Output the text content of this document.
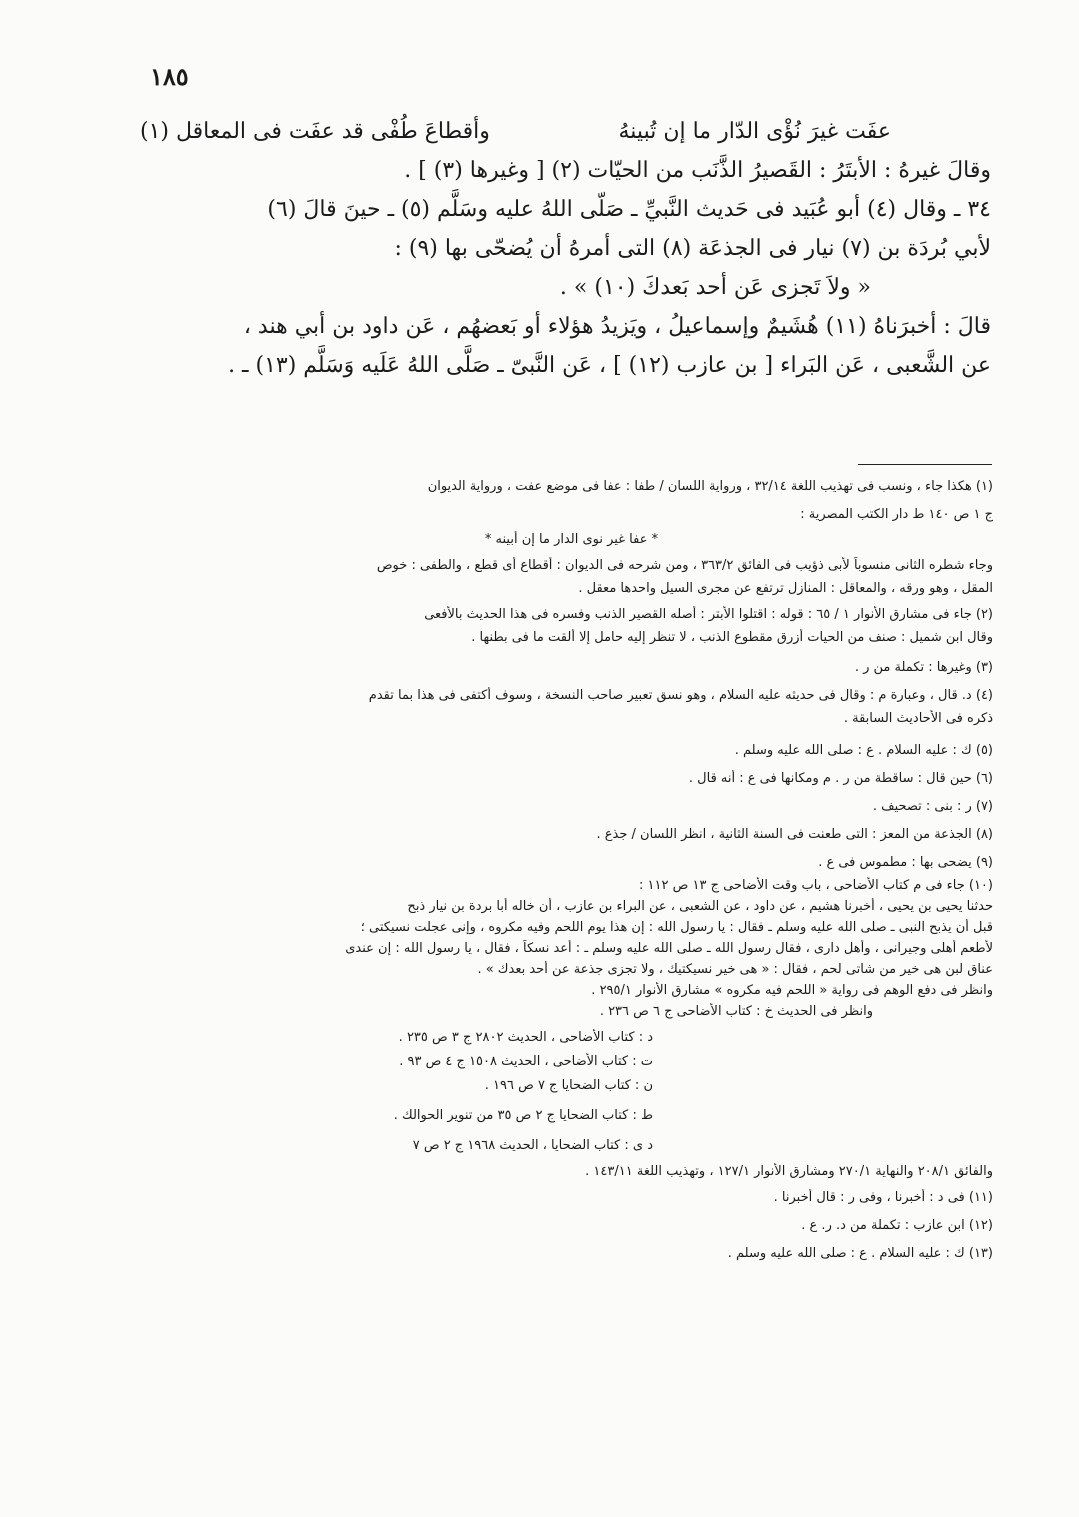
١٨٥
عفَت غيرَ نُؤْى الدّار ما إن تُبينهُ
وأقطاعَ طُفْى قد عفَت فى المعاقل (١)
وقالَ غيرهُ : الأبتَرُ : القَصيرُ الذَّنَب من الحيّات (٢) [ وغيرها (٣) ] .
٣٤ ـ وقال (٤) أبو عُبَيد فى حَديث النَّبيِّ ـ صَلّى اللهُ عليه وسَلَّم (٥) ـ حينَ قالَ (٦)
لأبي بُردَة بن (٧) نيار فى الجذعَة (٨) التى أمرهُ أن يُضحّى بها (٩) :
« ولاَ تَجزى عَن أحد بَعدكَ (١٠) » .
قالَ : أخبرَناهُ (١١) هُشَيمٌ وإسماعيلُ ، ويَزيدُ هؤلاء أو بَعضهُم ، عَن داود بن أبي هند ،
عن الشَّعبى ، عَن البَراء [ بن عازب (١٢) ] ، عَن النَّبىّ ـ صَلَّى اللهُ عَلَيه وَسَلَّم (١٣) ـ .
(١) هكذا جاء ، ونسب فى تهذيب اللغة ٣٢/١٤ ، ورواية اللسان / طفا : عفا فى موضع عفت ، ورواية الديوان
ج ١ ص ١٤٠ ط دار الكتب المصرية :
* عفا غير نوى الدار ما إن أبينه *
وجاء شطره الثانى منسوباً لأبى ذؤيب فى الفائق ٣٦٣/٢ ، ومن شرحه فى الديوان : أقطاع أى قطع ، والطفى : خوص
المقل ، وهو ورقه ، والمعاقل : المنازل ترتفع عن مجرى السيل واحدها معقل .
(٢) جاء فى مشارق الأنوار ١ / ٦٥ : قوله : اقتلوا الأبتر : أصله القصير الذنب وفسره فى هذا الحديث بالأفعى
وقال ابن شميل : صنف من الحيات أزرق مقطوع الذنب ، لا تنظر إليه حامل إلا ألقت ما فى بطنها .
(٣) وغيرها : تكملة من ر .
(٤) د. قال ، وعبارة م : وقال فى حديثه عليه السلام ، وهو نسق تعبير صاحب النسخة ، وسوف أكتفى فى هذا بما تقدم
ذكره فى الأحاديث السابقة .
(٥) ك : عليه السلام . ع : صلى الله عليه وسلم .
(٦) حين قال : ساقطة من ر . م ومكانها فى ع : أنه قال .
(٧) ر : بنى : تصحيف .
(٨) الجذعة من المعز : التى طعنت فى السنة الثانية ، انظر اللسان / جذع .
(٩) يضحى بها : مطموس فى ع .
(١٠) جاء فى م كتاب الأضاحى ، باب وقت الأضاحى ج ١٣ ص ١١٢ :
حدثنا يحيى بن يحيى ، أخبرنا هشيم ، عن داود ، عن الشعبى ، عن البراء بن عازب ، أن خاله أبا بردة بن نيار ذبح
قبل أن يذبح النبى ـ صلى الله عليه وسلم ـ فقال : يا رسول الله : إن هذا يوم اللحم وفيه مكروه ، وإنى عجلت نسيكتى ؛
لأطعم أهلى وجيرانى ، وأهل دارى ، فقال رسول الله ـ صلى الله عليه وسلم ـ : أعد نسكاً ، فقال ، يا رسول الله : إن عندى
عناق لبن هى خير من شاتى لحم ، فقال : « هى خير نسيكتيك ، ولا تجزى جذعة عن أحد بعدك » .
وانظر فى دفع الوهم فى رواية « اللحم فيه مكروه » مشارق الأنوار ٢٩٥/١ .
وانظر فى الحديث خ : كتاب الأضاحى ج ٦ ص ٢٣٦ .
د : كتاب الأضاحى ، الحديث ٢٨٠٢ ج ٣ ص ٢٣٥ .
ت : كتاب الأضاحى ، الحديث ١٥٠٨ ج ٤ ص ٩٣ .
ن : كتاب الضحايا ج ٧ ص ١٩٦ .
ط : كتاب الضحايا ج ٢ ص ٣٥ من تنوير الحوالك .
د ى : كتاب الضحايا ، الحديث ١٩٦٨ ج ٢ ص ٧
والفائق ٢٠٨/١ والنهاية ٢٧٠/١ ومشارق الأنوار ١٢٧/١ ، وتهذيب اللغة ١٤٣/١١ .
(١١) فى د : أخبرنا ، وفى ر : قال أخبرنا .
(١٢) ابن عازب : تكملة من د. ر. ع .
(١٣) ك : عليه السلام . ع : صلى الله عليه وسلم .
